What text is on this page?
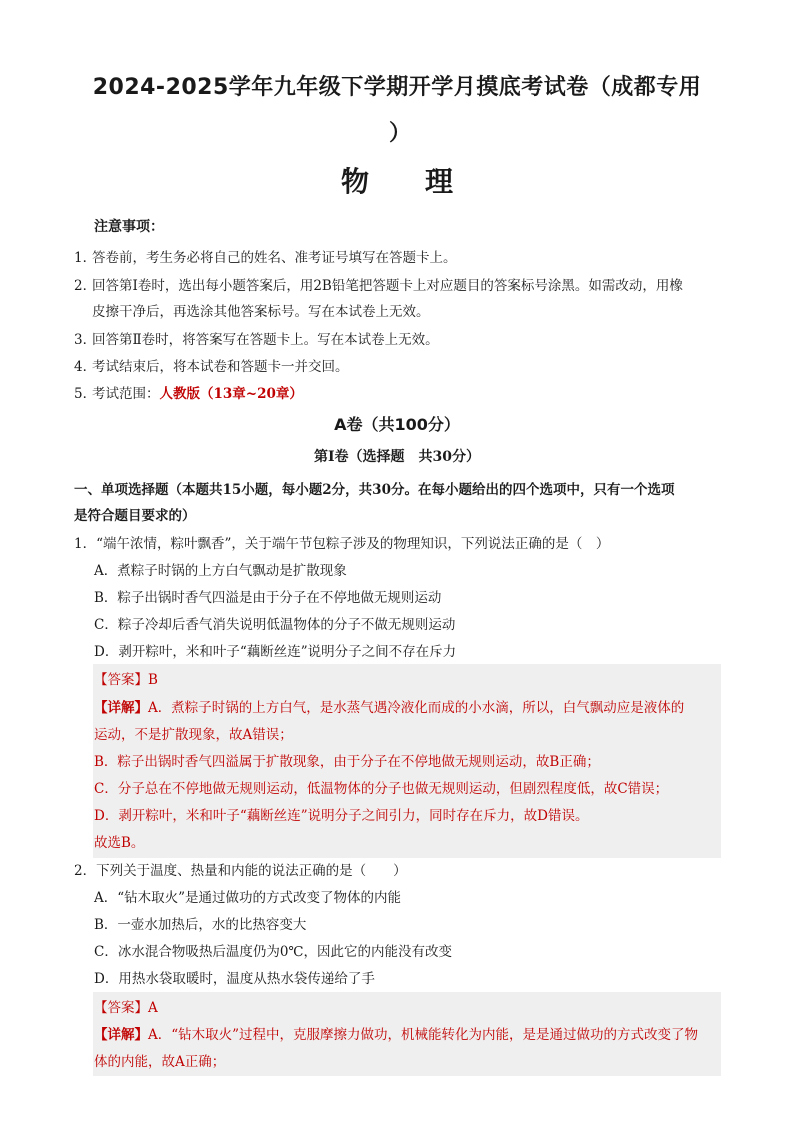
2024-2025学年九年级下学期开学月摸底考试卷（成都专用
）
物理
注意事项：
1．答卷前，考生务必将自己的姓名、准考证号填写在答题卡上。
2．回答第Ⅰ卷时，选出每小题答案后，用2B铅笔把答题卡上对应题目的答案标号涂黑。如需改动，用橡
皮擦干净后，再选涂其他答案标号。写在本试卷上无效。
3．回答第Ⅱ卷时，将答案写在答题卡上。写在本试卷上无效。
4．考试结束后，将本试卷和答题卡一并交回。
5．考试范围：人教版（13章~20章）
A卷（共100分）
第Ⅰ卷（选择题　共30分）
一、单项选择题（本题共15小题，每小题2分，共30分。在每小题给出的四个选项中，只有一个选项
是符合题目要求的）
1．“端午浓情，粽叶飘香”，关于端午节包粽子涉及的物理知识，下列说法正确的是（　）
A．煮粽子时锅的上方白气飘动是扩散现象
B．粽子出锅时香气四溢是由于分子在不停地做无规则运动
C．粽子冷却后香气消失说明低温物体的分子不做无规则运动
D．剥开粽叶，米和叶子“藕断丝连”说明分子之间不存在斥力
【答案】B
【详解】A．煮粽子时锅的上方白气，是水蒸气遇冷液化而成的小水滴，所以，白气飘动应是液体的
运动，不是扩散现象，故A错误；
B．粽子出锅时香气四溢属于扩散现象，由于分子在不停地做无规则运动，故B正确；
C．分子总在不停地做无规则运动，低温物体的分子也做无规则运动，但剧烈程度低，故C错误；
D．剥开粽叶，米和叶子“藕断丝连”说明分子之间引力，同时存在斥力，故D错误。
故选B。
2．下列关于温度、热量和内能的说法正确的是（　　）
A．“钻木取火”是通过做功的方式改变了物体的内能
B．一壶水加热后，水的比热容变大
C．冰水混合物吸热后温度仍为0℃，因此它的内能没有改变
D．用热水袋取暖时，温度从热水袋传递给了手
【答案】A
【详解】A．“钻木取火”过程中，克服摩擦力做功，机械能转化为内能，是是通过做功的方式改变了物
体的内能，故A正确；
